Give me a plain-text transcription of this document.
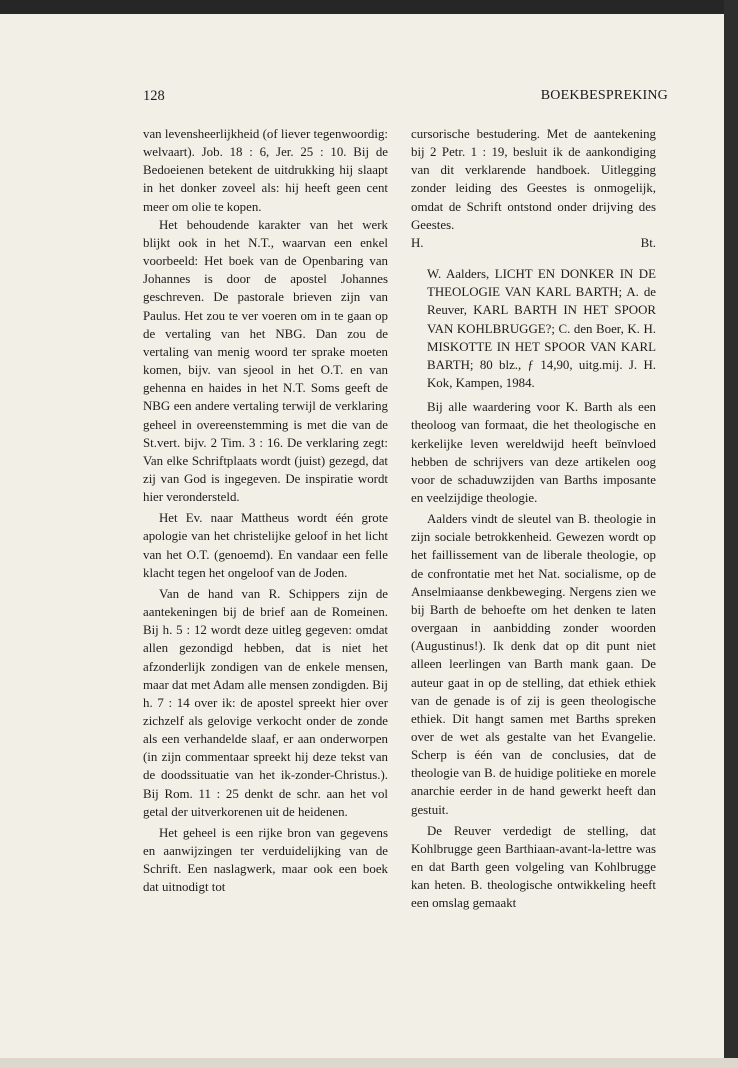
128	BOEKBESPREKING

van levensheerlijkheid (of liever tegenwoordig: welvaart). Job. 18 : 6, Jer. 25 : 10. Bij de Bedoeienen betekent de uitdrukking hij slaapt in het donker zoveel als: hij heeft geen cent meer om olie te kopen.

Het behoudende karakter van het werk blijkt ook in het N.T., waarvan een enkel voorbeeld: Het boek van de Openbaring van Johannes is door de apostel Johannes geschreven. De pastorale brieven zijn van Paulus. Het zou te ver voeren om in te gaan op de vertaling van het NBG. Dan zou de vertaling van menig woord ter sprake moeten komen, bijv. van sjeool in het O.T. en van gehenna en haides in het N.T. Soms geeft de NBG een andere vertaling terwijl de verklaring geheel in overeenstemming is met die van de St.vert. bijv. 2 Tim. 3 : 16. De verklaring zegt: Van elke Schriftplaats wordt (juist) gezegd, dat zij van God is ingegeven. De inspiratie wordt hier verondersteld.

Het Ev. naar Mattheus wordt één grote apologie van het christelijke geloof in het licht van het O.T. (genoemd). En vandaar een felle klacht tegen het ongeloof van de Joden.

Van de hand van R. Schippers zijn de aantekeningen bij de brief aan de Romeinen. Bij h. 5 : 12 wordt deze uitleg gegeven: omdat allen gezondigd hebben, dat is niet het afzonderlijk zondigen van de enkele mensen, maar dat met Adam alle mensen zondigden. Bij h. 7 : 14 over ik: de apostel spreekt hier over zichzelf als gelovige verkocht onder de zonde als een verhandelde slaaf, er aan onderworpen (in zijn commentaar spreekt hij deze tekst van de doodssituatie van het ik-zonder-Christus.). Bij Rom. 11 : 25 denkt de schr. aan het vol getal der uitverkorenen uit de heidenen.

Het geheel is een rijke bron van gegevens en aanwijzingen ter verduidelijking van de Schrift. Een naslagwerk, maar ook een boek dat uitnodigt tot

cursorische bestudering. Met de aantekening bij 2 Petr. 1 : 19, besluit ik de aankondiging van dit verklarende handboek. Uitlegging zonder leiding des Geestes is onmogelijk, omdat de Schrift ontstond onder drijving des Geestes.

H.	Bt.

W. Aalders, LICHT EN DONKER IN DE THEOLOGIE VAN KARL BARTH; A. de Reuver, KARL BARTH IN HET SPOOR VAN KOHLBRUGGE?; C. den Boer, K. H. MISKOTTE IN HET SPOOR VAN KARL BARTH; 80 blz., ƒ 14,90, uitg.mij. J. H. Kok, Kampen, 1984.

Bij alle waardering voor K. Barth als een theoloog van formaat, die het theologische en kerkelijke leven wereldwijd heeft beïnvloed hebben de schrijvers van deze artikelen oog voor de schaduwzijden van Barths imposante en veelzijdige theologie.

Aalders vindt de sleutel van B. theologie in zijn sociale betrokkenheid. Gewezen wordt op het faillissement van de liberale theologie, op de confrontatie met het Nat. socialisme, op de Anselmiaanse denkbeweging. Nergens zien we bij Barth de behoefte om het denken te laten overgaan in aanbidding zonder woorden (Augustinus!). Ik denk dat op dit punt niet alleen leerlingen van Barth mank gaan. De auteur gaat in op de stelling, dat ethiek ethiek van de genade is of zij is geen theologische ethiek. Dit hangt samen met Barths spreken over de wet als gestalte van het Evangelie. Scherp is één van de conclusies, dat de theologie van B. de huidige politieke en morele anarchie eerder in de hand gewerkt heeft dan gestuit.

De Reuver verdedigt de stelling, dat Kohlbrugge geen Barthiaan-avant-la-lettre was en dat Barth geen volgeling van Kohlbrugge kan heten. B. theologische ontwikkeling heeft een omslag gemaakt
